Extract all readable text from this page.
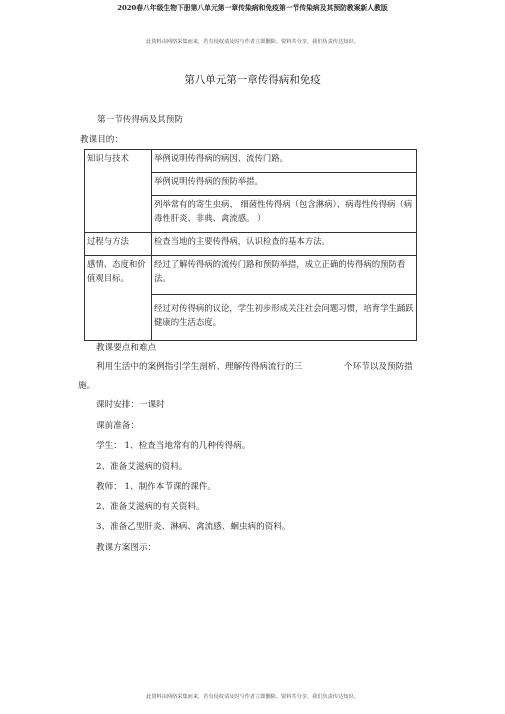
2020春八年级生物下册第八单元第一章传染病和免疫第一节传染病及其预防教案新人教版
此资料由网络采集而来，若有侵权请及时与作者立即删除。资料共分享，我们负责传达知识。
第八单元第一章传得病和免疫
第一节传得病及其预防
教课目的：
知识与技术	举例说明传得病的病因、流传门路。
	举例说明传得病的预防举措。
	列举常有的寄生虫病、 细菌性传得病（包含淋病）、病毒性传得病（病毒性肝炎、非典、禽流感。 ）
过程与方法	检查当地的主要传得病，认识检查的基本方法。
感情、态度和价值观目标。	经过了解传得病的流传门路和预防举措，成立正确的传得病的预防看法。
	经过对传得病的议论，学生初步形成关注社会问题习惯，培育学生踊跃健康的生活态度。
教课要点和难点
利用生活中的案例指引学生剖析、理解传得病流行的三	个环节以及预防措
施。
课时安排：一课时
课前准备：
学生： 1、检查当地常有的几种传得病。
2、准备艾滋病的资料。
教师： 1、制作本节课的课件。
2、准备艾滋病的有关资料。
3、准备乙型肝炎、淋病、禽流感、蛔虫病的资料。
教课方案图示：
此资料由网络采集而来，若有侵权请及时与作者立即删除。资料共分享，我们负责传达知识。
